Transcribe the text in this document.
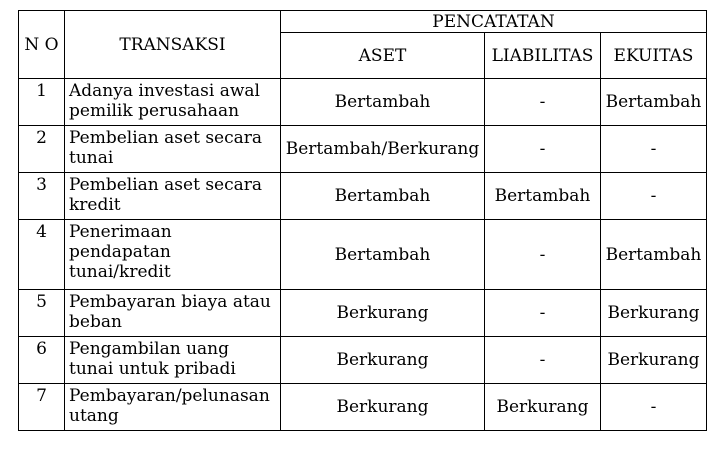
N O	TRANSAKSI	PENCATATAN		
		ASET	LIABILITAS	EKUITAS
1	Adanya investasi awal pemilik perusahaan	Bertambah	-	Bertambah
2	Pembelian aset secara tunai	Bertambah/Berkurang	-	-
3	Pembelian aset secara kredit	Bertambah	Bertambah	-
4	Penerimaan pendapatan tunai/kredit	Bertambah	-	Bertambah
5	Pembayaran biaya atau beban	Berkurang	-	Berkurang
6	Pengambilan uang tunai untuk pribadi	Berkurang	-	Berkurang
7	Pembayaran/pelunasan utang	Berkurang	Berkurang	-
